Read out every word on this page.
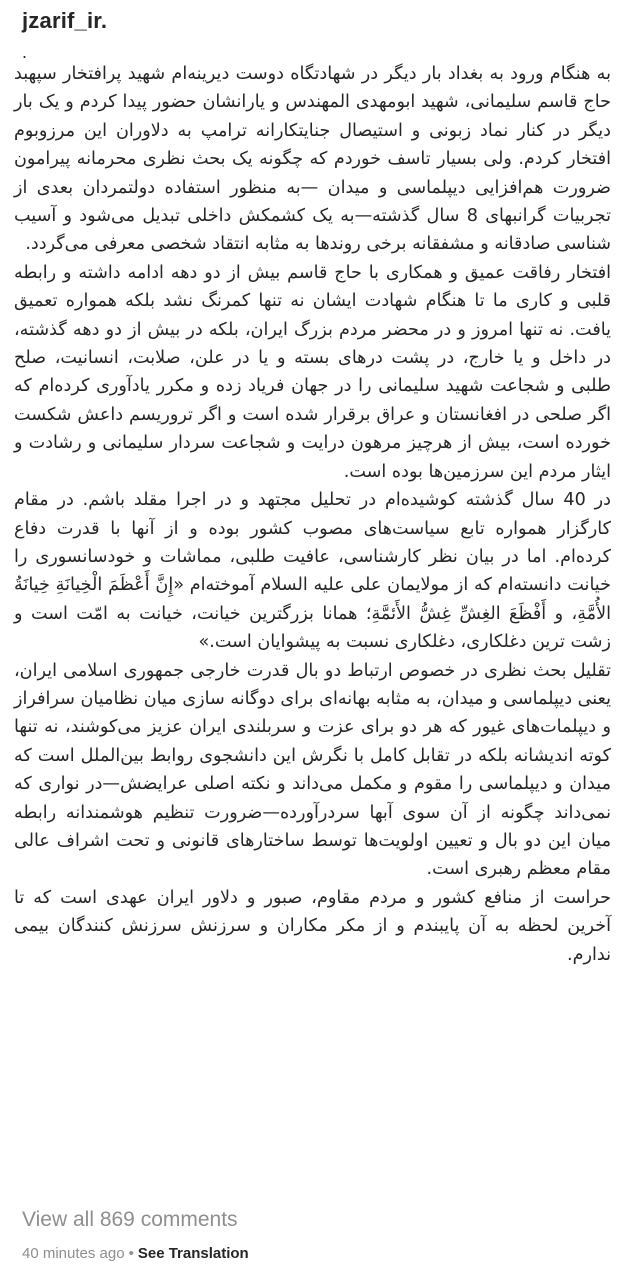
jzarif_ir.
.

به هنگام ورود به بغداد بار دیگر در شهادتگاه دوست دیرینه‌ام شهید پرافتخار سپهبد حاج قاسم سلیمانی، شهید ابومهدی المهندس و یارانشان حضور پیدا کردم و یک بار دیگر در کنار نماد زبونی و استیصال جنایتکارانه ترامپ به دلاوران این مرزوبوم افتخار کردم. ولی بسیار تاسف خوردم که چگونه یک بحث نظری محرمانه پیرامون ضرورت هم‌افزایی دیپلماسی و میدان —به منظور استفاده دولتمردان بعدی از تجربیات گرانبهای 8 سال گذشته—به یک کشمکش داخلی تبدیل می‌شود و آسیب شناسی صادقانه و مشفقانه برخی روندها به مثابه انتقاد شخصی معرفی می‌گردد.

افتخار رفاقت عمیق و همکاری با حاج قاسم بیش از دو دهه ادامه داشته و رابطه قلبی و کاری ما تا هنگام شهادت ایشان نه تنها کمرنگ نشد بلکه همواره تعمیق یافت. نه تنها امروز و در محضر مردم بزرگ ایران، بلکه در بیش از دو دهه گذشته، در داخل و یا خارج، در پشت درهای بسته و یا در علن، صلابت، انسانیت، صلح طلبی و شجاعت شهید سلیمانی را در جهان فریاد زده و مکرر یادآوری کرده‌ام که اگر صلحی در افغانستان و عراق برقرار شده است و اگر تروریسم داعش شکست خورده است، بیش از هرچیز مرهون درایت و شجاعت سردار سلیمانی و رشادت و ایثار مردم این سرزمین‌ها بوده است.

در 40 سال گذشته کوشیده‌ام در تحلیل مجتهد و در اجرا مقلد باشم. در مقام کارگزار همواره تابع سیاست‌های مصوب کشور بوده و از آنها با قدرت دفاع کرده‌ام. اما در بیان نظر کارشناسی، عافیت طلبی، مماشات و خودسانسوری را خیانت دانسته‌ام که از مولایمان علی علیه السلام آموخته‌ام «إِنَّ أَعْظَمَ الْخِیانَةِ خِیانَةُ الأُمَّةِ، و أَفْظَعَ الغِشِّ غِشُّ الأَئمَّةِ؛ همانا بزرگترین خیانت، خیانت به امّت است و زشت ترین دغلکاری، دغلکاری نسبت به پیشوایان است.»

تقلیل بحث نظری در خصوص ارتباط دو بال قدرت خارجی جمهوری اسلامی ایران، یعنی دیپلماسی و میدان، به مثابه بهانه‌ای برای دوگانه سازی میان نظامیان سرافراز و دیپلمات‌های غیور که هر دو برای عزت و سربلندی ایران عزیز می‌کوشند، نه تنها کوته اندیشانه بلکه در تقابل کامل با نگرش این دانشجوی روابط بین‌الملل است که میدان و دیپلماسی را مقوم و مکمل می‌داند و نکته اصلی عرایضش—در نواری که نمی‌داند چگونه از آن سوی آبها سردرآورده—ضرورت تنظیم هوشمندانه رابطه میان این دو بال و تعیین اولویت‌ها توسط ساختارهای قانونی و تحت اشراف عالی مقام معظم رهبری است.

حراست از منافع کشور و مردم مقاوم، صبور و دلاور ایران عهدی است که تا آخرین لحظه به آن پایبندم و از مکر مکاران و سرزنش سرزنش کنندگان بیمی ندارم.

View all 869 comments
40 minutes ago • See Translation
